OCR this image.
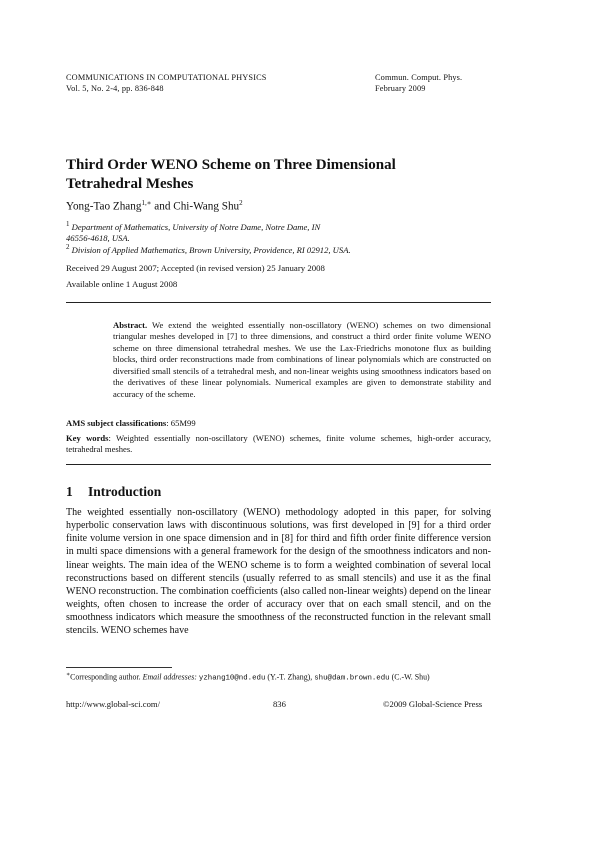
COMMUNICATIONS IN COMPUTATIONAL PHYSICS
Vol. 5, No. 2-4, pp. 836-848
Commun. Comput. Phys.
February 2009
Third Order WENO Scheme on Three Dimensional
Tetrahedral Meshes
Yong-Tao Zhang$^{1,∗}$ and Chi-Wang Shu$^2$
$^1$ Department of Mathematics, University of Notre Dame, Notre Dame, IN
46556-4618, USA.
$^2$ Division of Applied Mathematics, Brown University, Providence, RI 02912, USA.
Received 29 August 2007; Accepted (in revised version) 25 January 2008
Available online 1 August 2008
Abstract. We extend the weighted essentially non-oscillatory (WENO) schemes on two dimensional triangular meshes developed in [7] to three dimensions, and construct a third order finite volume WENO scheme on three dimensional tetrahedral meshes. We use the Lax-Friedrichs monotone flux as building blocks, third order reconstructions made from combinations of linear polynomials which are constructed on diversified small stencils of a tetrahedral mesh, and non-linear weights using smoothness indicators based on the derivatives of these linear polynomials. Numerical examples are given to demonstrate stability and accuracy of the scheme.
AMS subject classifications: 65M99
Key words: Weighted essentially non-oscillatory (WENO) schemes, finite volume schemes, high-order accuracy, tetrahedral meshes.
1 Introduction
The weighted essentially non-oscillatory (WENO) methodology adopted in this paper, for solving hyperbolic conservation laws with discontinuous solutions, was first developed in [9] for a third order finite volume version in one space dimension and in [8] for third and fifth order finite difference version in multi space dimensions with a general framework for the design of the smoothness indicators and non-linear weights. The main idea of the WENO scheme is to form a weighted combination of several local reconstructions based on different stencils (usually referred to as small stencils) and use it as the final WENO reconstruction. The combination coefficients (also called non-linear weights) depend on the linear weights, often chosen to increase the order of accuracy over that on each small stencil, and on the smoothness indicators which measure the smoothness of the reconstructed function in the relevant small stencils. WENO schemes have
∗Corresponding author. Email addresses: yzhang10@nd.edu (Y.-T. Zhang), shu@dam.brown.edu (C.-W. Shu)
http://www.global-sci.com/	836	©2009 Global-Science Press
